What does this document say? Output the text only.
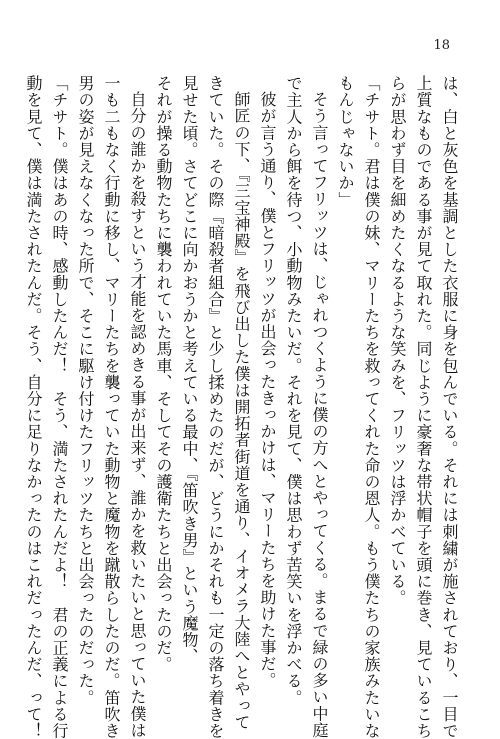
18
は、白と灰色を基調とした衣服に身を包んでいる。それには刺繍が施されており、一目で
上質なものである事が見て取れた。同じように豪奢な帯状帽子を頭に巻き、見ているこち
らが思わず目を細めたくなるような笑みを、フリッツは浮かべている。
「チサト。君は僕の妹、マリーたちを救ってくれた命の恩人。もう僕たちの家族みたいな
もんじゃないか」
そう言ってフリッツは、じゃれつくように僕の方へとやってくる。まるで緑の多い中庭
で主人から餌を待つ、小動物みたいだ。それを見て、僕は思わず苦笑いを浮かべる。
彼が言う通り、僕とフリッツが出会ったきっかけは、マリーたちを助けた事だ。
師匠の下、『三宝神殿』を飛び出した僕は開拓者街道を通り、イオメラ大陸へとやって
きていた。その際『暗殺者組合』と少し揉めたのだが、どうにかそれも一定の落ち着きを
見せた頃。さてどこに向かおうかと考えている最中、『笛吹き男』という魔物、
それが操る動物たちに襲われていた馬車、そしてその護衛たちと出会ったのだ。
自分の誰かを殺すという才能を認めきる事が出来ず、誰かを救いたいと思っていた僕は
一も二もなく行動に移し、マリーたちを襲っていた動物と魔物を蹴散らしたのだ。笛吹き
男の姿が見えなくなった所で、そこに駆け付けたフリッツたちと出会ったのだった。
「チサト。僕はあの時、感動したんだ！　そう、満たされたんだよ！　君の正義による行
動を見て、僕は満たされたんだ。そう、自分に足りなかったのはこれだったんだ、って！
